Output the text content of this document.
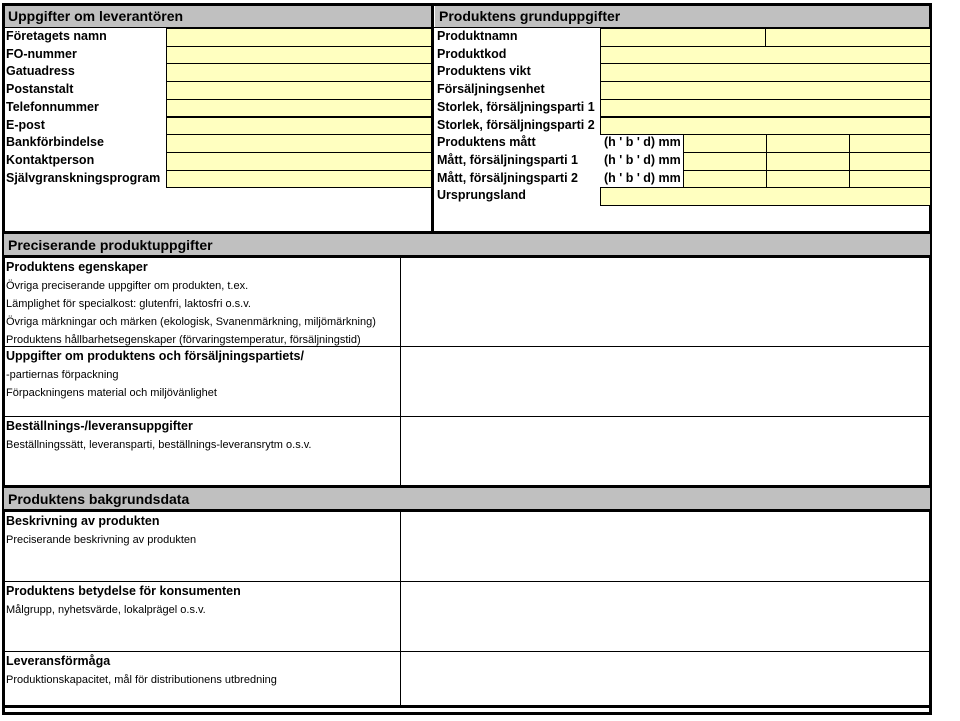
Uppgifter om leverantören	Produktens grunduppgifter
Företagets namn
FO-nummer
Gatuadress
Postanstalt
Telefonnummer
E-post
Bankförbindelse
Kontaktperson
Självgranskningsprogram
Produktnamn
Produktkod
Produktens vikt
Försäljningsenhet
Storlek, försäljningsparti 1
Storlek, försäljningsparti 2
Produktens mått	(h ' b ' d) mm
Mått, försäljningsparti 1	(h ' b ' d) mm
Mått, försäljningsparti 2	(h ' b ' d) mm
Ursprungsland
Preciserande produktuppgifter
Produktens bakgrundsdata
Produktens egenskaper
Övriga preciserande uppgifter om produkten, t.ex.
Lämplighet för specialkost: glutenfri, laktosfri o.s.v.
Övriga märkningar och märken (ekologisk, Svanenmärkning, miljömärkning)
Produktens hållbarhetsegenskaper (förvaringstemperatur, försäljningstid)
Uppgifter om produktens och försäljningspartiets/
-partiernas förpackning
Förpackningens material och miljövänlighet
Beställnings-/leveransuppgifter
Beställningssätt, leveransparti, beställnings-leveransrytm o.s.v.
Beskrivning av produkten
Preciserande beskrivning av produkten
Produktens betydelse för konsumenten
Målgrupp, nyhetsvärde, lokalprägel o.s.v.
Leveransförmåga
Produktionskapacitet, mål för distributionens utbredning
